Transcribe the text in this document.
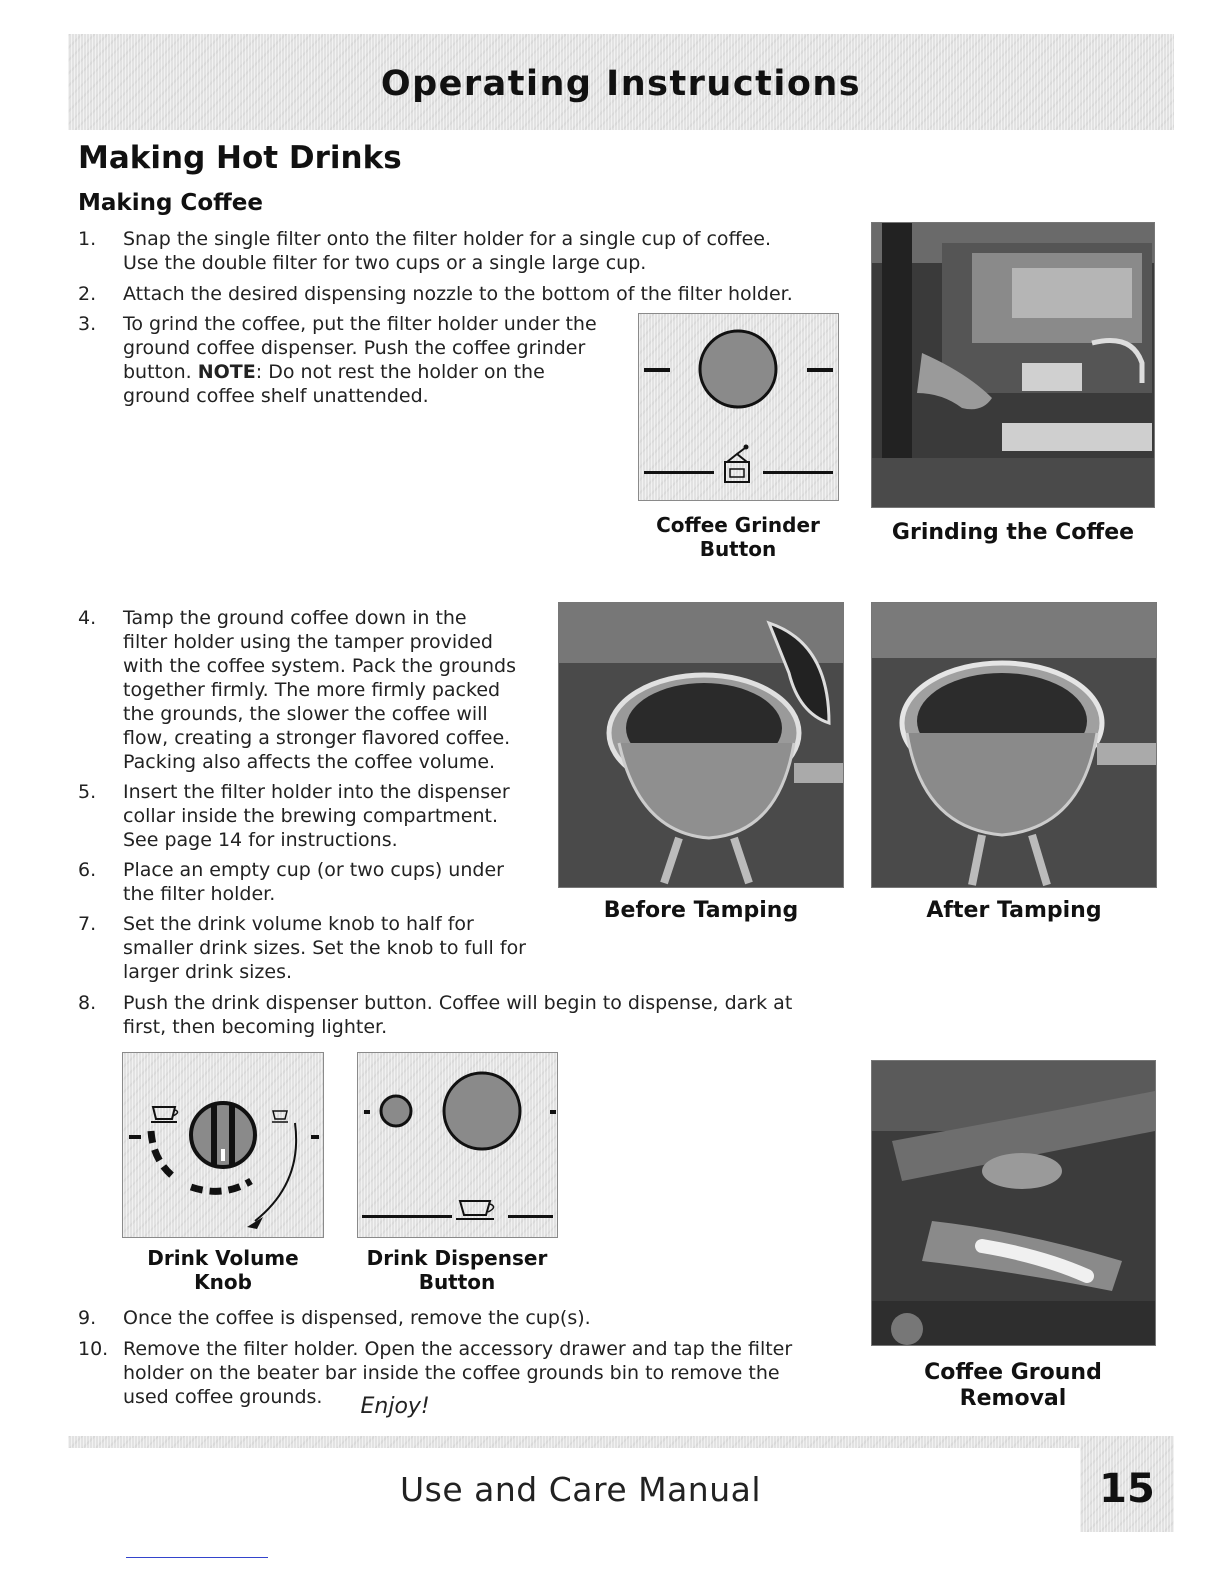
Operating Instructions
Making Hot Drinks
Making Coffee
1.	Snap the single filter onto the filter holder for a single cup of coffee.
Use the double filter for two cups or a single large cup.
2.	Attach the desired dispensing nozzle to the bottom of the filter holder.
3.	To grind the coffee, put the filter holder under the
ground coffee dispenser. Push the coffee grinder
button. NOTE: Do not rest the holder on the
ground coffee shelf unattended.
Coffee Grinder
Button
Grinding the Coffee
4.	Tamp the ground coffee down in the
filter holder using the tamper provided
with the coffee system. Pack the grounds
together firmly. The more firmly packed
the grounds, the slower the coffee will
flow, creating a stronger flavored coffee.
Packing also affects the coffee volume.
5.	Insert the filter holder into the dispenser
collar inside the brewing compartment.
See page 14 for instructions.
6.	Place an empty cup (or two cups) under
the filter holder.
7.	Set the drink volume knob to half for
smaller drink sizes. Set the knob to full for
larger drink sizes.
Before Tamping	After Tamping
8.	Push the drink dispenser button. Coffee will begin to dispense, dark at
first, then becoming lighter.
Drink Volume
Knob
Drink Dispenser
Button
Coffee Ground
Removal
9.	Once the coffee is dispensed, remove the cup(s).
10. Remove the filter holder. Open the accessory drawer and tap the filter
holder on the beater bar inside the coffee grounds bin to remove the
used coffee grounds. Enjoy!
15
Use and Care Manual
